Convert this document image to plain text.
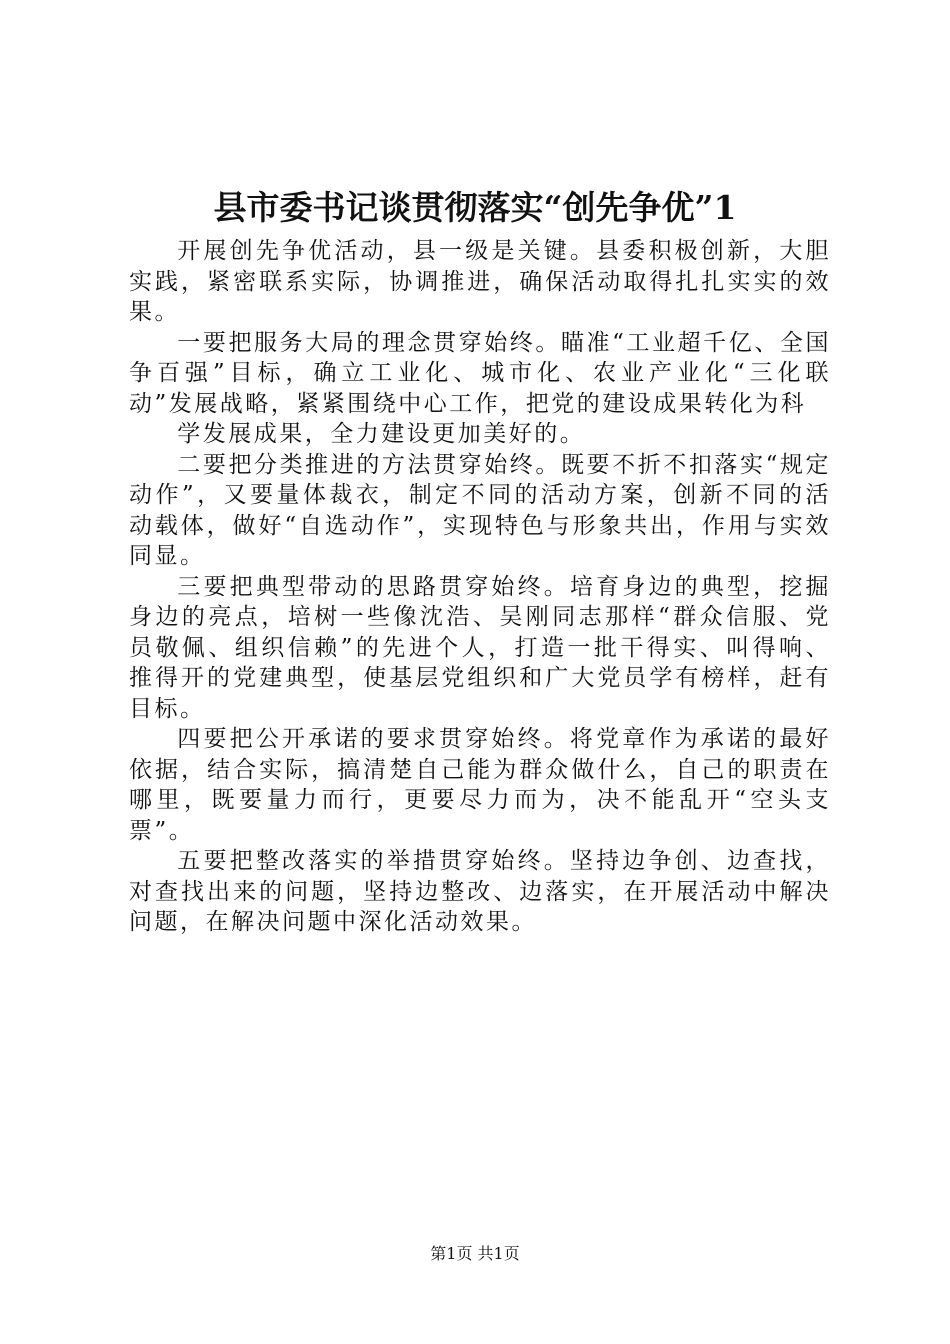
县市委书记谈贯彻落实“创先争优”1

开展创先争优活动，县一级是关键。县委积极创新，大胆实践，紧密联系实际，协调推进，确保活动取得扎扎实实的效果。

一要把服务大局的理念贯穿始终。瞄准“工业超千亿、全国争百强”目标，确立工业化、城市化、农业产业化“三化联动”发展战略，紧紧围绕中心工作，把党的建设成果转化为科

学发展成果，全力建设更加美好的。

二要把分类推进的方法贯穿始终。既要不折不扣落实“规定动作”，又要量体裁衣，制定不同的活动方案，创新不同的活动载体，做好“自选动作”，实现特色与形象共出，作用与实效同显。

三要把典型带动的思路贯穿始终。培育身边的典型，挖掘身边的亮点，培树一些像沈浩、吴刚同志那样“群众信服、党员敬佩、组织信赖”的先进个人，打造一批干得实、叫得响、推得开的党建典型，使基层党组织和广大党员学有榜样，赶有目标。

四要把公开承诺的要求贯穿始终。将党章作为承诺的最好依据，结合实际，搞清楚自己能为群众做什么，自己的职责在哪里，既要量力而行，更要尽力而为，决不能乱开“空头支票”。

五要把整改落实的举措贯穿始终。坚持边争创、边查找，对查找出来的问题，坚持边整改、边落实，在开展活动中解决问题，在解决问题中深化活动效果。

第1页 共1页
